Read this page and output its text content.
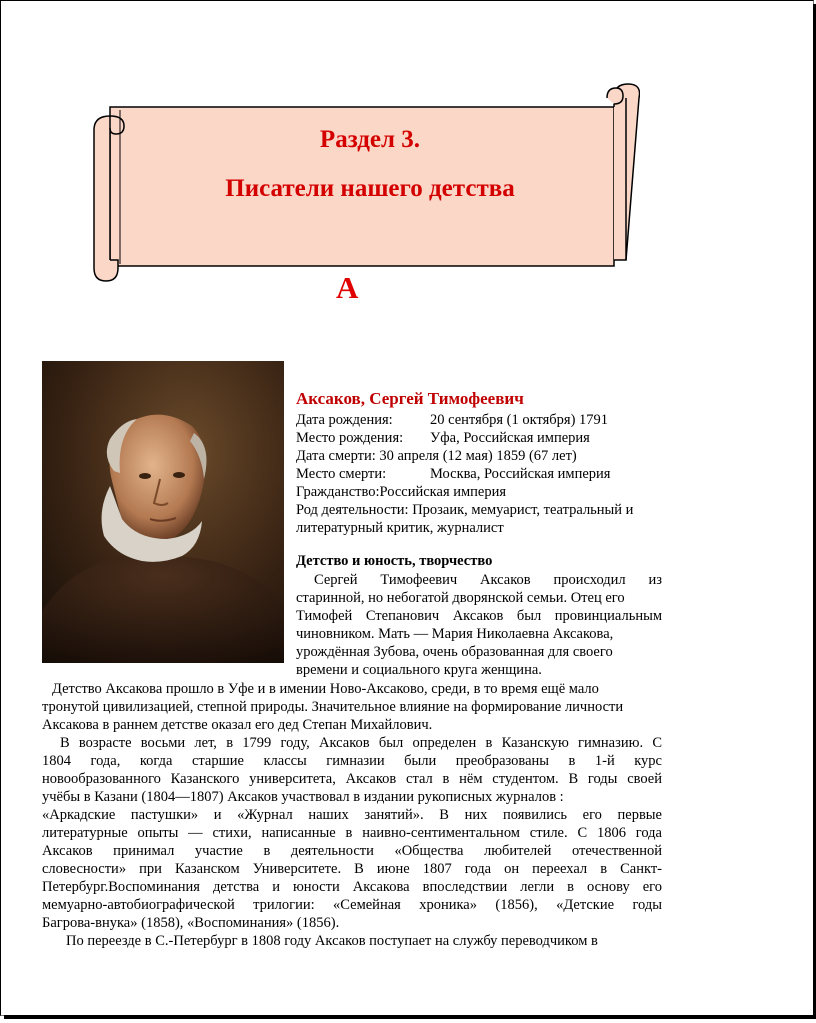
Раздел 3.
Писатели нашего детства
А
Аксаков, Сергей Тимофеевич
Дата рождения:	20 сентября (1 октября) 1791
Место рождения: Уфа, Российская империя
Дата смерти: 30 апреля (12 мая) 1859 (67 лет)
Место смерти:	Москва, Российская империя
Гражданство:Российская империя
Род деятельности: Прозаик, мемуарист, театральный и
литературный критик, журналист
Детство и юность, творчество
Сергей Тимофеевич Аксаков происходил из
старинной, но небогатой дворянской семьи. Отец его
Тимофей Степанович Аксаков был провинциальным
чиновником. Мать — Мария Николаевна Аксакова,
урождённая Зубова, очень образованная для своего
времени и социального круга женщина.
Детство Аксакова прошло в Уфе и в имении Ново-Аксаково, среди, в то время ещё мало
тронутой цивилизацией, степной природы. Значительное влияние на формирование личности
Аксакова в раннем детстве оказал его дед Степан Михайлович.
В возрасте восьми лет, в 1799 году, Аксаков был определен в Казанскую гимназию. С
1804 года, когда старшие классы гимназии были преобразованы в 1-й курс
новообразованного Казанского университета, Аксаков стал в нём студентом. В годы своей
учёбы в Казани (1804—1807) Аксаков участвовал в издании рукописных журналов :
«Аркадские пастушки» и «Журнал наших занятий». В них появились его первые
литературные опыты — стихи, написанные в наивно-сентиментальном стиле. С 1806 года
Аксаков принимал участие в деятельности «Общества любителей отечественной
словесности» при Казанском Университете. В июне 1807 года он переехал в Санкт-
Петербург.Воспоминания детства и юности Аксакова впоследствии легли в основу его
мемуарно-автобиографической трилогии: «Семейная хроника» (1856), «Детские годы
Багрова-внука» (1858), «Воспоминания» (1856).
По переезде в С.-Петербург в 1808 году Аксаков поступает на службу переводчиком в
